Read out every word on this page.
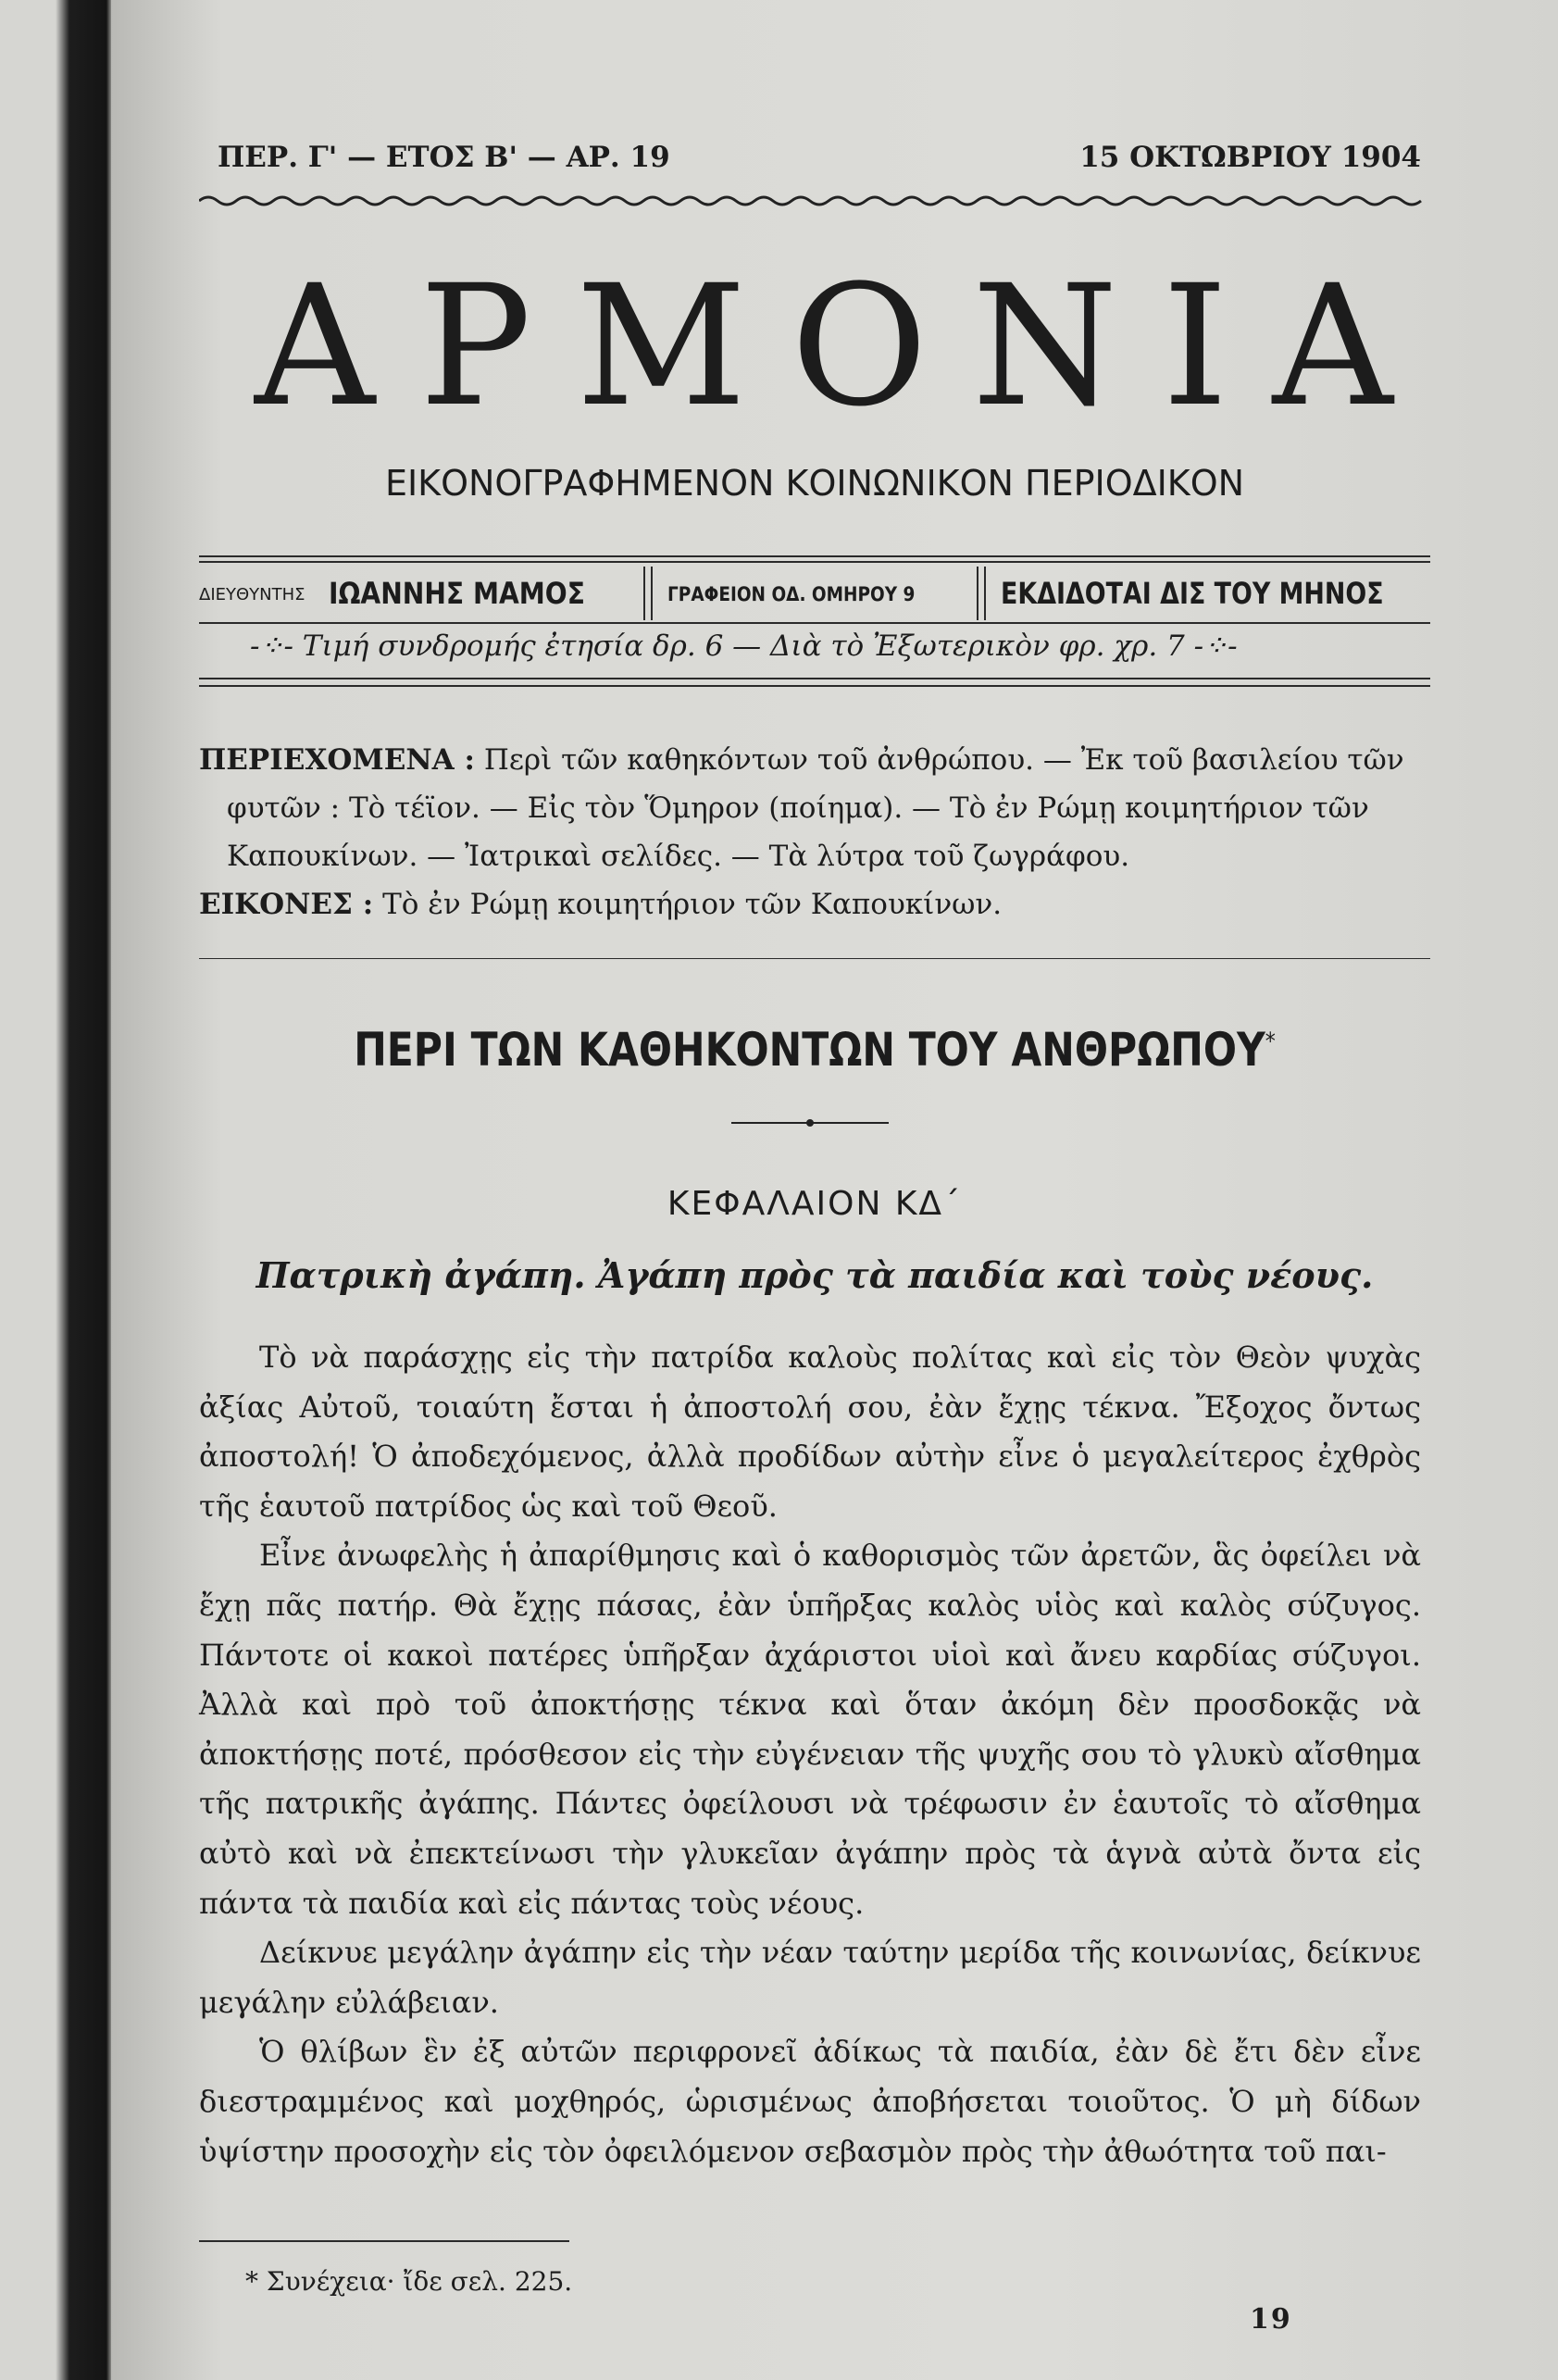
ΠΕΡ. Γ' — ΕΤΟΣ Β' — ΑΡ. 19	15 ΟΚΤΩΒΡΙΟΥ 1904
ΑΡΜΟΝΙΑ
ΕΙΚΟΝΟΓΡΑΦΗΜΕΝΟΝ ΚΟΙΝΩΝΙΚΟΝ ΠΕΡΙΟΔΙΚΟΝ
ΔΙΕΥΘΥΝΤΗΣ ΙΩΑΝΝΗΣ ΜΑΜΟΣ	ΓΡΑΦΕΙΟΝ ΟΔ. ΟΜΗΡΟΥ 9	ΕΚΔΙΔΟΤΑΙ ΔΙΣ ΤΟΥ ΜΗΝΟΣ
-⁘- Τιμή συνδρομής ἐτησία δρ. 6 — Διὰ τὸ Ἐξωτερικὸν φρ. χρ. 7 -⁘-

ΠΕΡΙΕΧΟΜΕΝΑ : Περὶ τῶν καθηκόντων τοῦ ἀνθρώπου. — Ἐκ τοῦ βασιλείου τῶν

φυτῶν : Τὸ τέϊον. — Εἰς τὸν Ὅμηρον (ποίημα). — Τὸ ἐν Ρώμῃ κοιμητήριον τῶν

Καπουκίνων. — Ἰατρικαὶ σελίδες. — Τὰ λύτρα τοῦ ζωγράφου.

ΕΙΚΟΝΕΣ : Τὸ ἐν Ρώμῃ κοιμητήριον τῶν Καπουκίνων.

ΠΕΡΙ ΤΩΝ ΚΑΘΗΚΟΝΤΩΝ ΤΟΥ ΑΝΘΡΩΠΟΥ*
ΚΕΦΑΛΑΙΟΝ ΚΔ΄
Πατρικὴ ἀγάπη. Ἀγάπη πρὸς τὰ παιδία καὶ τοὺς νέους.

Τὸ νὰ παράσχῃς εἰς τὴν πατρίδα καλοὺς πολίτας καὶ εἰς τὸν Θεὸν ψυχὰς ἀξίας Αὐτοῦ, τοιαύτη ἔσται ἡ ἀποστολή σου, ἐὰν ἔχῃς τέκνα. Ἔξοχος ὄντως ἀποστολή! Ὁ ἀποδεχόμενος, ἀλλὰ προδίδων αὐτὴν εἶνε ὁ μεγαλείτερος ἐχθρὸς τῆς ἑαυτοῦ πατρίδος ὡς καὶ τοῦ Θεοῦ.

Εἶνε ἀνωφελὴς ἡ ἀπαρίθμησις καὶ ὁ καθορισμὸς τῶν ἀρετῶν, ἃς ὀφείλει νὰ ἔχῃ πᾶς πατήρ. Θὰ ἔχῃς πάσας, ἐὰν ὑπῆρξας καλὸς υἱὸς καὶ καλὸς σύζυγος. Πάντοτε οἱ κακοὶ πατέρες ὑπῆρξαν ἀχάριστοι υἱοὶ καὶ ἄνευ καρδίας σύζυγοι. Ἀλλὰ καὶ πρὸ τοῦ ἀποκτήσῃς τέκνα καὶ ὅταν ἀκόμη δὲν προσδοκᾷς νὰ ἀποκτήσῃς ποτέ, πρόσθεσον εἰς τὴν εὐγένειαν τῆς ψυχῆς σου τὸ γλυκὺ αἴσθημα τῆς πατρικῆς ἀγάπης. Πάντες ὀφείλουσι νὰ τρέφωσιν ἐν ἑαυτοῖς τὸ αἴσθημα αὐτὸ καὶ νὰ ἐπεκτείνωσι τὴν γλυκεῖαν ἀγάπην πρὸς τὰ ἁγνὰ αὐτὰ ὄντα εἰς πάντα τὰ παιδία καὶ εἰς πάντας τοὺς νέους.

Δείκνυε μεγάλην ἀγάπην εἰς τὴν νέαν ταύτην μερίδα τῆς κοινωνίας, δείκνυε μεγάλην εὐλάβειαν.

Ὁ θλίβων ἓν ἐξ αὐτῶν περιφρονεῖ ἀδίκως τὰ παιδία, ἐὰν δὲ ἔτι δὲν εἶνε διεστραμμένος καὶ μοχθηρός, ὡρισμένως ἀποβήσεται τοιοῦτος. Ὁ μὴ δίδων ὑψίστην προσοχὴν εἰς τὸν ὀφειλόμενον σεβασμὸν πρὸς τὴν ἀθωότητα τοῦ παι-

* Συνέχεια· ἴδε σελ. 225.
19
